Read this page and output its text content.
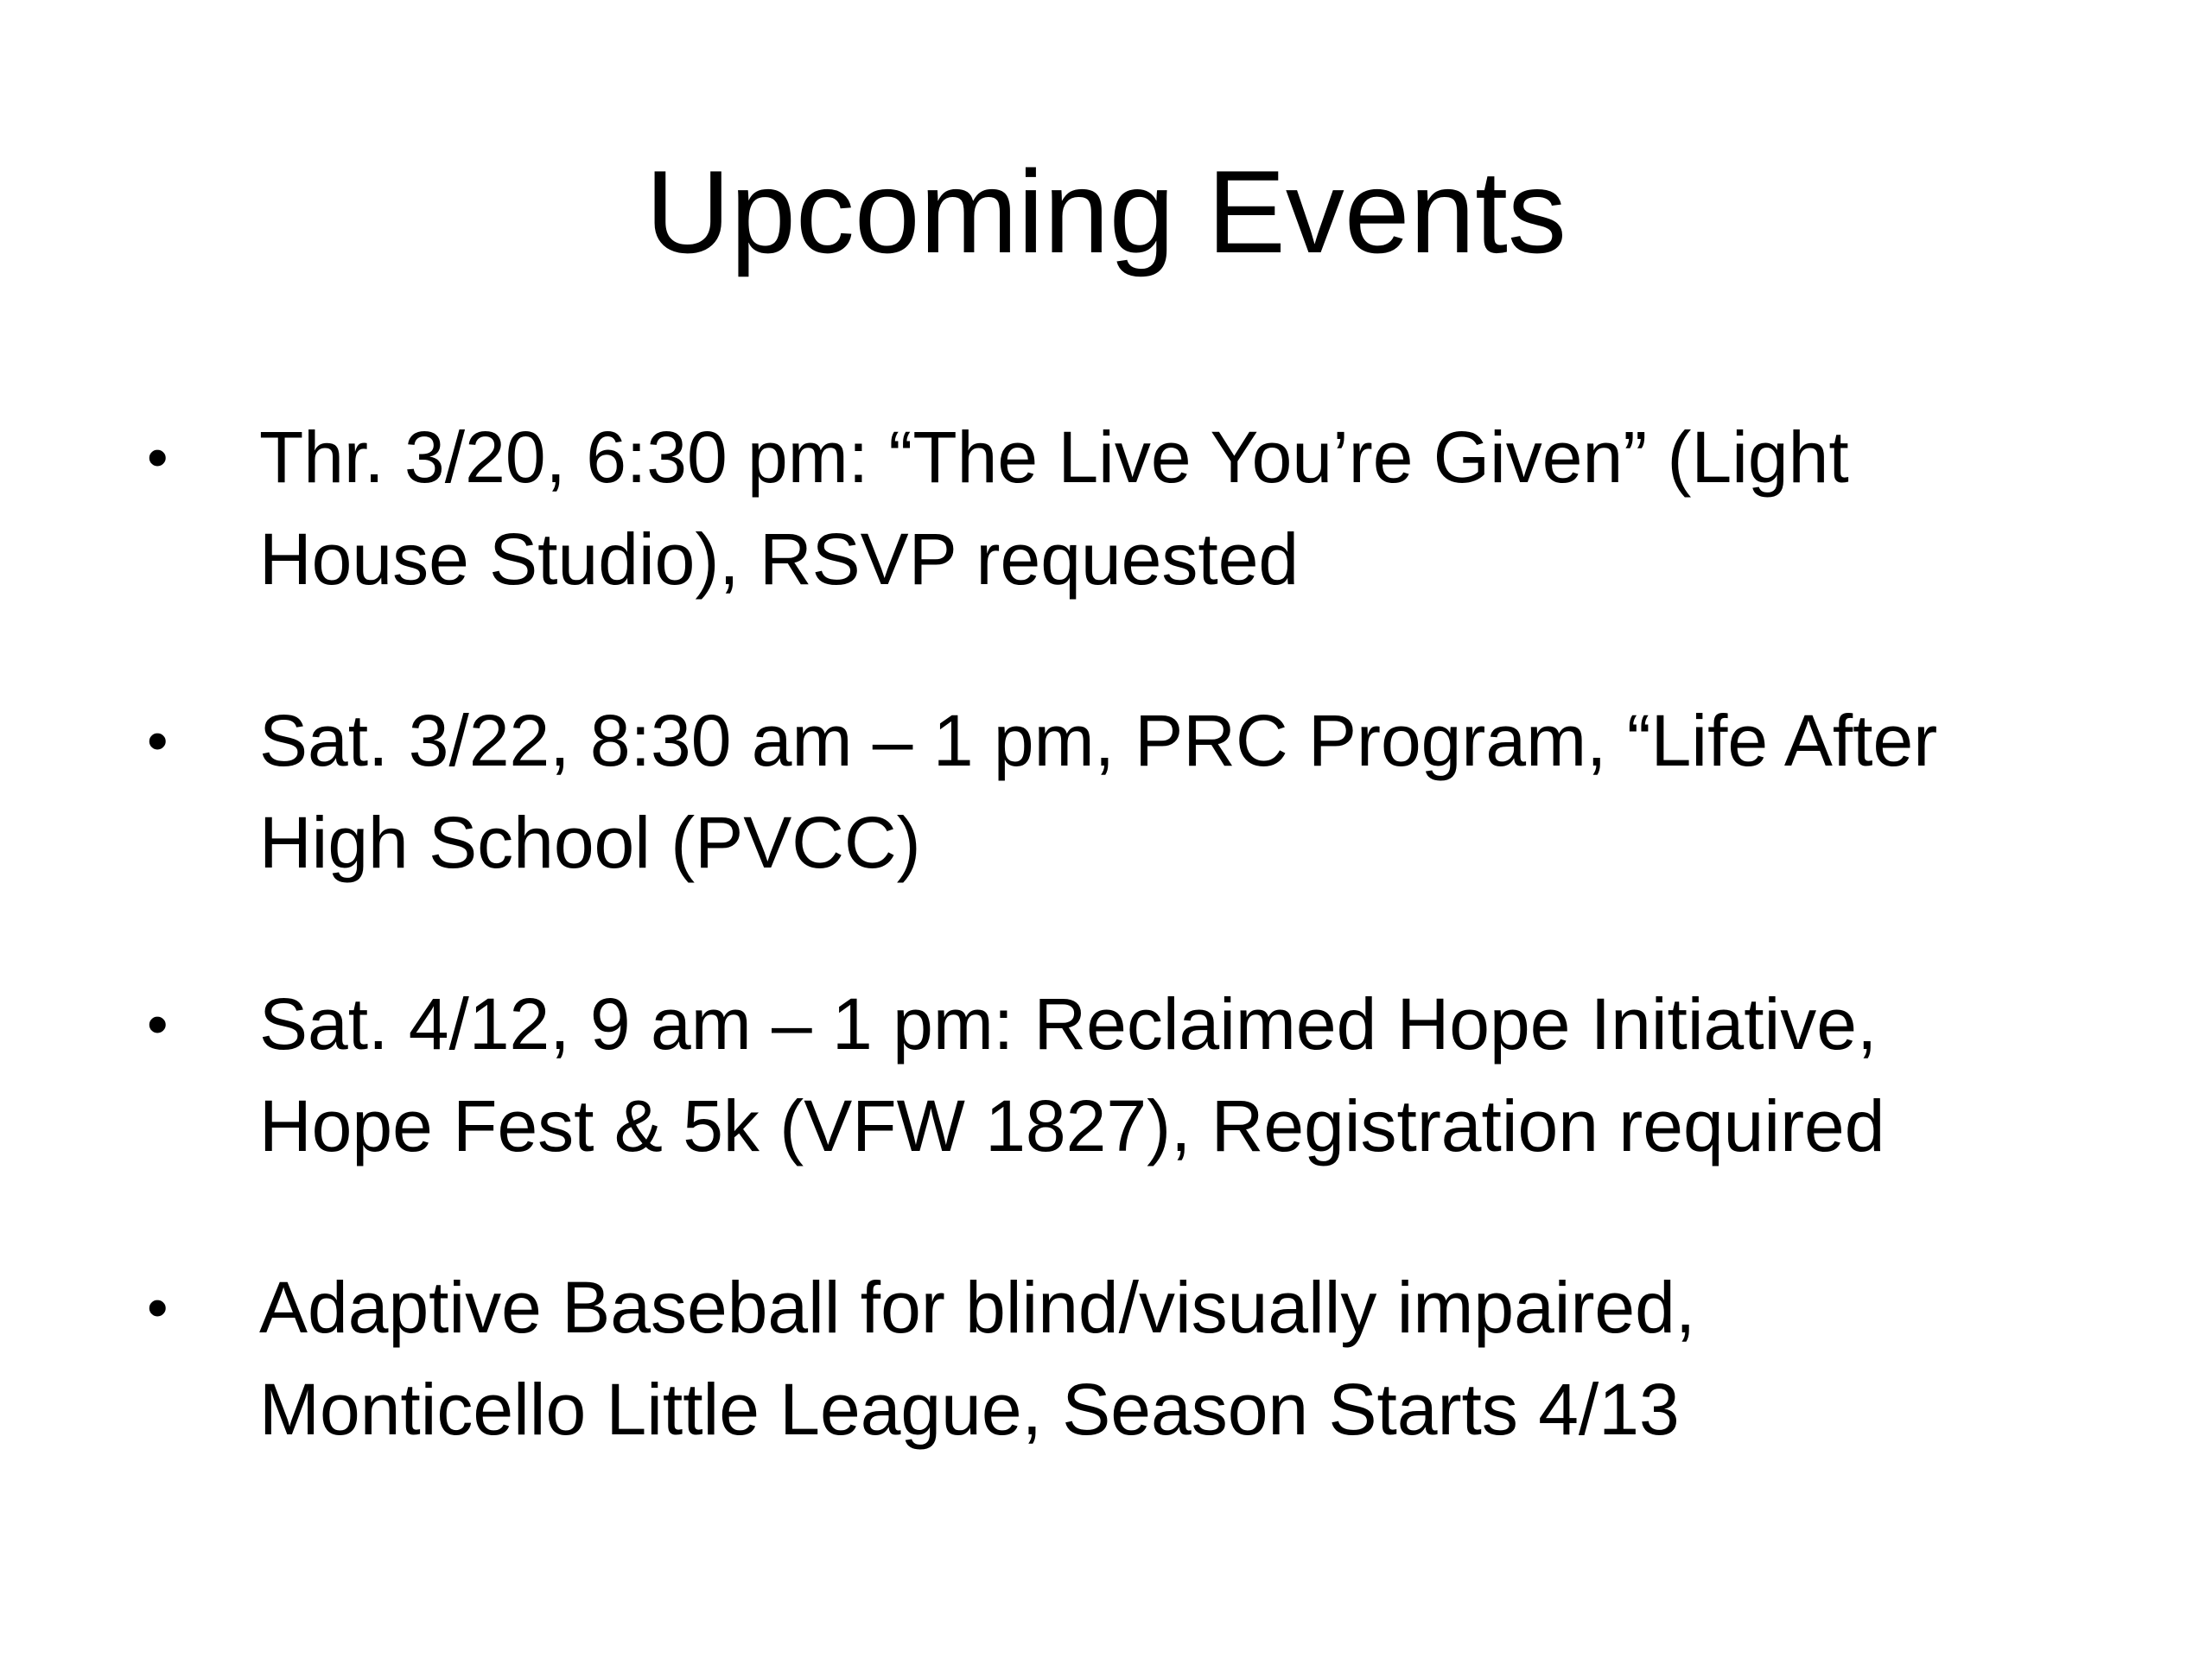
Upcoming Events
•	Thr. 3/20, 6:30 pm: “The Live You’re Given” (Light
House Studio), RSVP requested
•	Sat. 3/22, 8:30 am – 1 pm, PRC Program, “Life After
High School (PVCC)
•	Sat. 4/12, 9 am – 1 pm: Reclaimed Hope Initiative,
Hope Fest & 5k (VFW 1827), Registration required
•	Adaptive Baseball for blind/visually impaired,
Monticello Little League, Season Starts 4/13
